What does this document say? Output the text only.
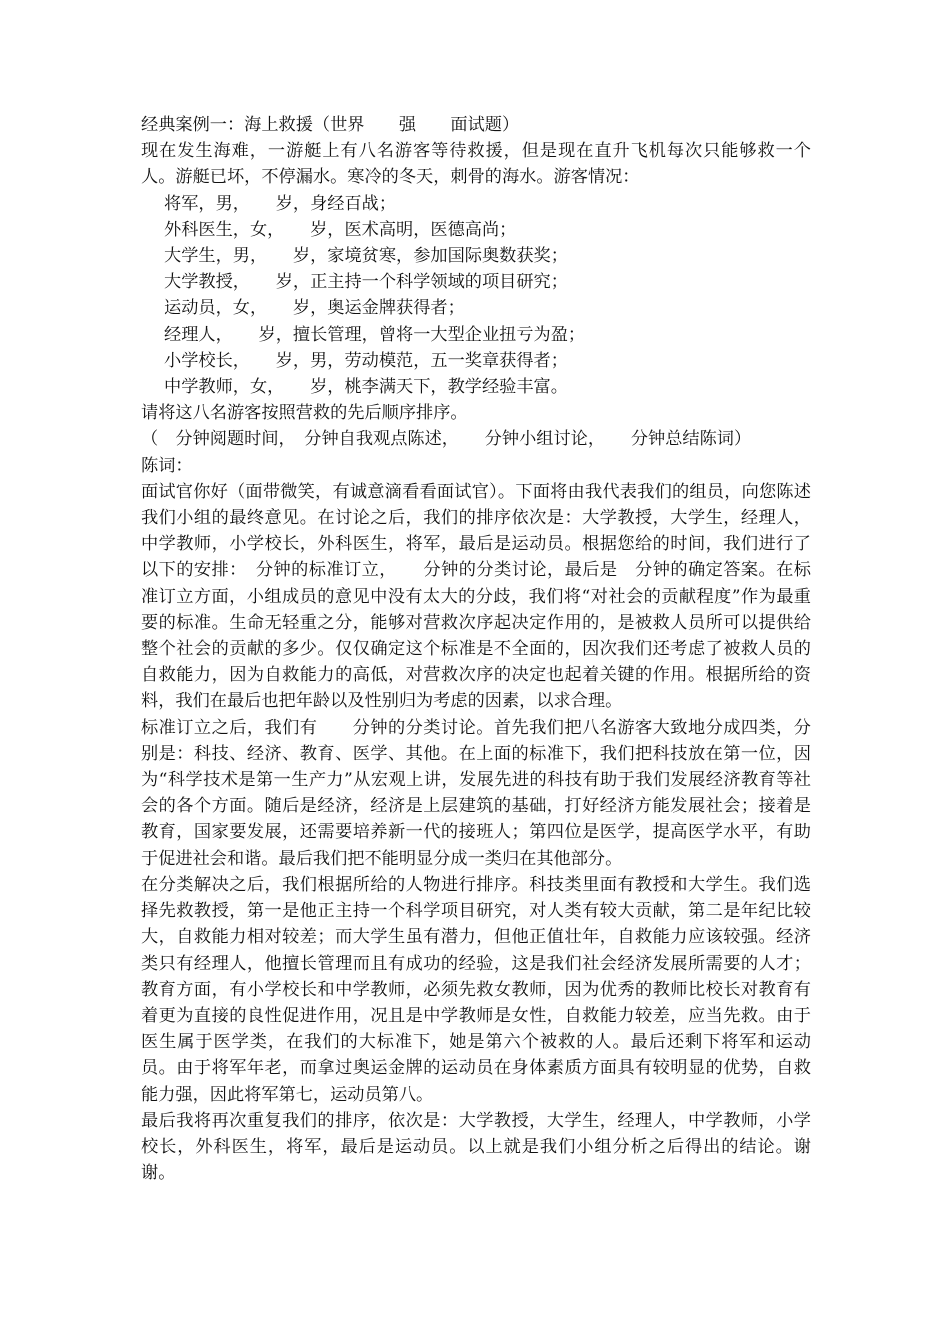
经典案例一：海上救援（世界　　强　　面试题）

现在发生海难，一游艇上有八名游客等待救援，但是现在直升飞机每次只能够救一个人。游艇已坏，不停漏水。寒冷的冬天，刺骨的海水。游客情况：

将军，男，　　岁，身经百战；

外科医生，女，　　岁，医术高明，医德高尚；

大学生，男，　　岁，家境贫寒，参加国际奥数获奖；

大学教授，　　岁，正主持一个科学领域的项目研究；

运动员，女，　　岁，奥运金牌获得者；

经理人，　　岁，擅长管理，曾将一大型企业扭亏为盈；

小学校长，　　岁，男，劳动模范，五一奖章获得者；

中学教师，女，　　岁，桃李满天下，教学经验丰富。

请将这八名游客按照营救的先后顺序排序。

（　分钟阅题时间，　分钟自我观点陈述，　　分钟小组讨论，　　分钟总结陈词）

陈词：

面试官你好（面带微笑，有诚意滴看看面试官）。下面将由我代表我们的组员，向您陈述我们小组的最终意见。在讨论之后，我们的排序依次是：大学教授，大学生，经理人，中学教师，小学校长，外科医生，将军，最后是运动员。根据您给的时间，我们进行了以下的安排：　分钟的标准订立，　　分钟的分类讨论，最后是　分钟的确定答案。在标准订立方面，小组成员的意见中没有太大的分歧，我们将“对社会的贡献程度”作为最重要的标准。生命无轻重之分，能够对营救次序起决定作用的，是被救人员所可以提供给整个社会的贡献的多少。仅仅确定这个标准是不全面的，因次我们还考虑了被救人员的自救能力，因为自救能力的高低，对营救次序的决定也起着关键的作用。根据所给的资料，我们在最后也把年龄以及性别归为考虑的因素，以求合理。

标准订立之后，我们有　　分钟的分类讨论。首先我们把八名游客大致地分成四类，分别是：科技、经济、教育、医学、其他。在上面的标准下，我们把科技放在第一位，因为“科学技术是第一生产力”从宏观上讲，发展先进的科技有助于我们发展经济教育等社会的各个方面。随后是经济，经济是上层建筑的基础，打好经济方能发展社会；接着是教育，国家要发展，还需要培养新一代的接班人；第四位是医学，提高医学水平，有助于促进社会和谐。最后我们把不能明显分成一类归在其他部分。

在分类解决之后，我们根据所给的人物进行排序。科技类里面有教授和大学生。我们选择先救教授，第一是他正主持一个科学项目研究，对人类有较大贡献，第二是年纪比较大，自救能力相对较差；而大学生虽有潜力，但他正值壮年，自救能力应该较强。经济类只有经理人，他擅长管理而且有成功的经验，这是我们社会经济发展所需要的人才；教育方面，有小学校长和中学教师，必须先救女教师，因为优秀的教师比校长对教育有着更为直接的良性促进作用，况且是中学教师是女性，自救能力较差，应当先救。由于医生属于医学类，在我们的大标准下，她是第六个被救的人。最后还剩下将军和运动员。由于将军年老，而拿过奥运金牌的运动员在身体素质方面具有较明显的优势，自救能力强，因此将军第七，运动员第八。

最后我将再次重复我们的排序，依次是：大学教授，大学生，经理人，中学教师，小学校长，外科医生，将军，最后是运动员。以上就是我们小组分析之后得出的结论。谢谢。
